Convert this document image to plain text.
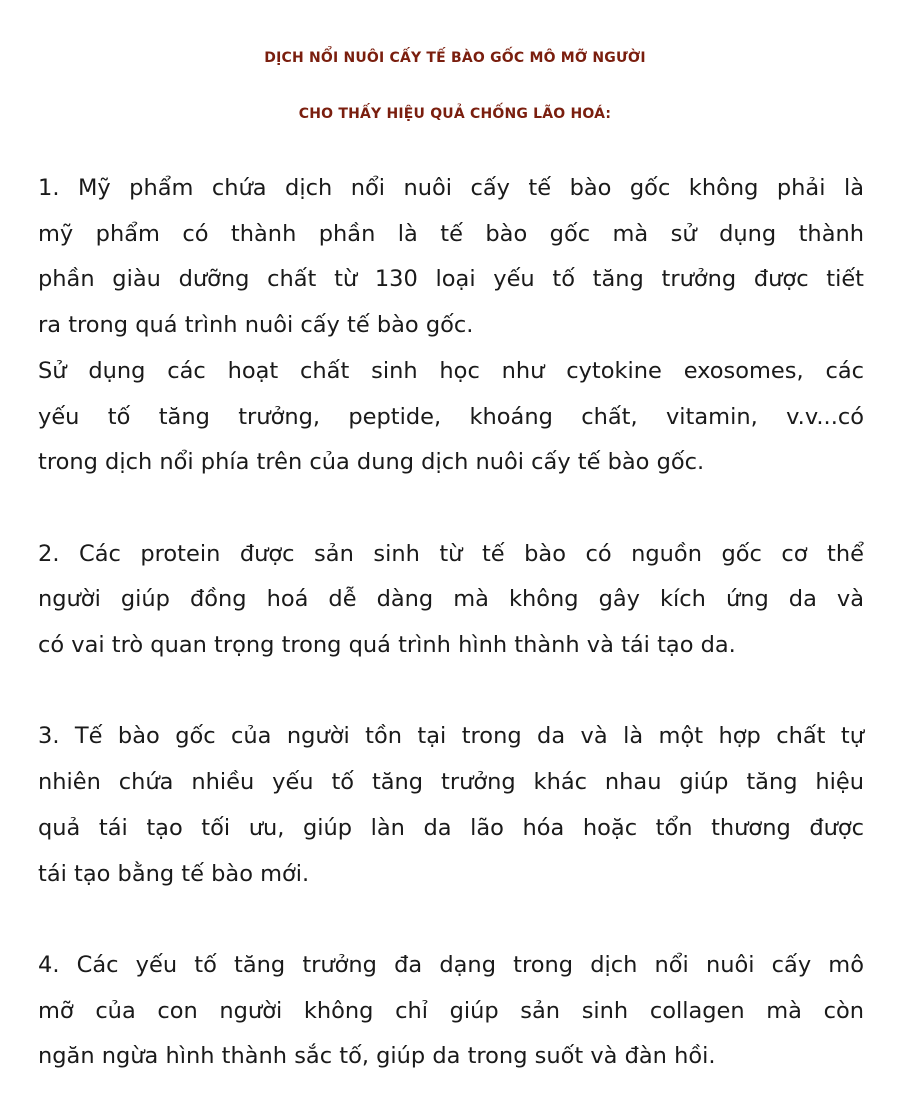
DỊCH NỔI NUÔI CẤY TẾ BÀO GỐC MÔ MỠ NGƯỜI
CHO THẤY HIỆU QUẢ CHỐNG LÃO HOÁ:
1. Mỹ phẩm chứa dịch nổi nuôi cấy tế bào gốc không phải là
mỹ phẩm có thành phần là tế bào gốc mà sử dụng thành
phần giàu dưỡng chất từ 130 loại yếu tố tăng trưởng được tiết
ra trong quá trình nuôi cấy tế bào gốc.
Sử dụng các hoạt chất sinh học như cytokine exosomes, các
yếu tố tăng trưởng, peptide, khoáng chất, vitamin, v.v...có
trong dịch nổi phía trên của dung dịch nuôi cấy tế bào gốc.
2. Các protein được sản sinh từ tế bào có nguồn gốc cơ thể
người giúp đồng hoá dễ dàng mà không gây kích ứng da và
có vai trò quan trọng trong quá trình hình thành và tái tạo da.
3. Tế bào gốc của người tồn tại trong da và là một hợp chất tự
nhiên chứa nhiều yếu tố tăng trưởng khác nhau giúp tăng hiệu
quả tái tạo tối ưu, giúp làn da lão hóa hoặc tổn thương được
tái tạo bằng tế bào mới.
4. Các yếu tố tăng trưởng đa dạng trong dịch nổi nuôi cấy mô
mỡ của con người không chỉ giúp sản sinh collagen mà còn
ngăn ngừa hình thành sắc tố, giúp da trong suốt và đàn hồi.
